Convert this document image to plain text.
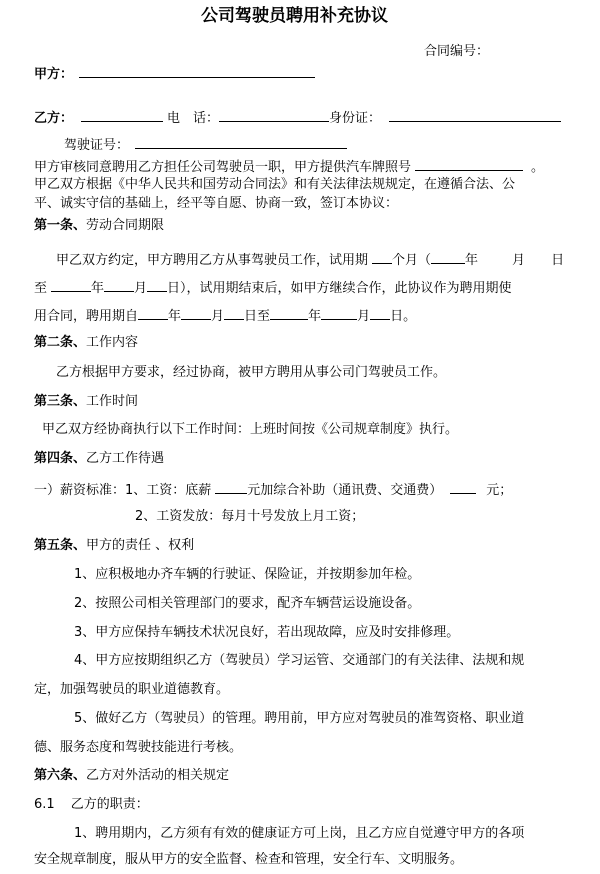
公司驾驶员聘用补充协议
合同编号：
甲方：
乙方：	电　话：	身份证：
驾驶证号：
甲方审核同意聘用乙方担任公司驾驶员一职，甲方提供汽车牌照号	。
甲乙双方根据《中华人民共和国劳动合同法》和有关法律法规规定，在遵循合法、公
平、诚实守信的基础上，经平等自愿、协商一致，签订本协议：
第一条、劳动合同期限
甲乙双方约定，甲方聘用乙方从事驾驶员工作，试用期 个月（	年	月 日
至	年 月 日），试用期结束后，如甲方继续合作，此协议作为聘用期使
用合同，聘用期自 年 月 日至	年	月 日。
第二条、工作内容
乙方根据甲方要求，经过协商，被甲方聘用从事公司门驾驶员工作。
第三条、工作时间
甲乙双方经协商执行以下工作时间：上班时间按《公司规章制度》执行。
第四条、乙方工作待遇
一）薪资标准：1、工资：底薪	元加综合补助（通讯费、交通费）	元；
2、工资发放：每月十号发放上月工资；
第五条、甲方的责任 、权利
1、应积极地办齐车辆的行驶证、保险证，并按期参加年检。
2、按照公司相关管理部门的要求，配齐车辆营运设施设备。
3、甲方应保持车辆技术状况良好，若出现故障，应及时安排修理。
4、甲方应按期组织乙方（驾驶员）学习运管、交通部门的有关法律、法规和规
定，加强驾驶员的职业道德教育。
5、做好乙方（驾驶员）的管理。聘用前，甲方应对驾驶员的准驾资格、职业道
德、服务态度和驾驶技能进行考核。
第六条、乙方对外活动的相关规定
6.1 乙方的职责：
1、聘用期内，乙方须有有效的健康证方可上岗，且乙方应自觉遵守甲方的各项
安全规章制度，服从甲方的安全监督、检查和管理，安全行车、文明服务。
